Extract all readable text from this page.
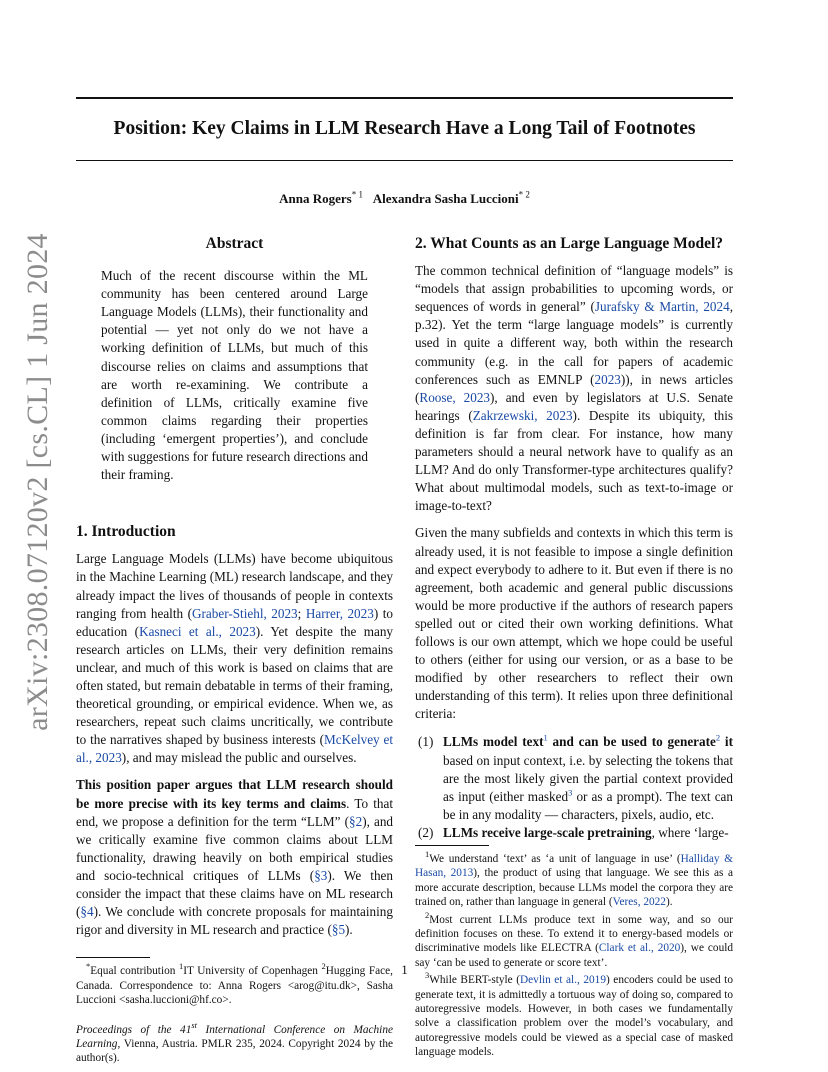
Position: Key Claims in LLM Research Have a Long Tail of Footnotes
Anna Rogers$^{* 1}$ Alexandra Sasha Luccioni$^{* 2}$
arXiv:2308.07120v2 [cs.CL] 1 Jun 2024	Abstract

Much of the recent discourse within the ML community has been centered around Large Language Models (LLMs), their functionality and potential — yet not only do we not have a working definition of LLMs, but much of this discourse relies on claims and assumptions that are worth re-examining. We contribute a definition of LLMs, critically examine five common claims regarding their properties (including ‘emergent properties’), and conclude with suggestions for future research directions and their framing.

1. Introduction

Large Language Models (LLMs) have become ubiquitous in the Machine Learning (ML) research landscape, and they already impact the lives of thousands of people in contexts ranging from health (Graber-Stiehl, 2023; Harrer, 2023) to education (Kasneci et al., 2023). Yet despite the many research articles on LLMs, their very definition remains unclear, and much of this work is based on claims that are often stated, but remain debatable in terms of their framing, theoretical grounding, or empirical evidence. When we, as researchers, repeat such claims uncritically, we contribute to the narratives shaped by business interests (McKelvey et al., 2023), and may mislead the public and ourselves.

This position paper argues that LLM research should be more precise with its key terms and claims. To that end, we propose a definition for the term “LLM” (§2), and we critically examine five common claims about LLM functionality, drawing heavily on both empirical studies and socio-technical critiques of LLMs (§3). We then consider the impact that these claims have on ML research (§4). We conclude with concrete proposals for maintaining rigor and diversity in ML research and practice (§5).

*Equal contribution $^1$IT University of Copenhagen $^2$Hugging Face, Canada. Correspondence to: Anna Rogers <arog@itu.dk>, Sasha Luccioni <sasha.luccioni@hf.co>.

Proceedings of the 41st International Conference on Machine Learning, Vienna, Austria. PMLR 235, 2024. Copyright 2024 by the author(s).

2. What Counts as an Large Language Model?

The common technical definition of “language models” is “models that assign probabilities to upcoming words, or sequences of words in general” (Jurafsky & Martin, 2024, p.32). Yet the term “large language models” is currently used in quite a different way, both within the research community (e.g. in the call for papers of academic conferences such as EMNLP (2023)), in news articles (Roose, 2023), and even by legislators at U.S. Senate hearings (Zakrzewski, 2023). Despite its ubiquity, this definition is far from clear. For instance, how many parameters should a neural network have to qualify as an LLM? And do only Transformer-type architectures qualify? What about multimodal models, such as text-to-image or image-to-text?

Given the many subfields and contexts in which this term is already used, it is not feasible to impose a single definition and expect everybody to adhere to it. But even if there is no agreement, both academic and general public discussions would be more productive if the authors of research papers spelled out or cited their own working definitions. What follows is our own attempt, which we hope could be useful to others (either for using our version, or as a base to be modified by other researchers to reflect their own understanding of this term). It relies upon three definitional criteria:

(1) LLMs model text$^1$ and can be used to generate$^2$ it based on input context, i.e. by selecting the tokens that are the most likely given the partial context provided as input (either masked$^3$ or as a prompt). The text can be in any modality — characters, pixels, audio, etc.
(2) LLMs receive large-scale pretraining, where ‘large-

$^1$We understand ‘text’ as ‘a unit of language in use’ (Halliday & Hasan, 2013), the product of using that language. We see this as a more accurate description, because LLMs model the corpora they are trained on, rather than language in general (Veres, 2022).

$^2$Most current LLMs produce text in some way, and so our definition focuses on these. To extend it to energy-based models or discriminative models like ELECTRA (Clark et al., 2020), we could say ‘can be used to generate or score text’.

$^3$While BERT-style (Devlin et al., 2019) encoders could be used to generate text, it is admittedly a tortuous way of doing so, compared to autoregressive models. However, in both cases we fundamentally solve a classification problem over the model’s vocabulary, and autoregressive models could be viewed as a special case of masked language models.

1
